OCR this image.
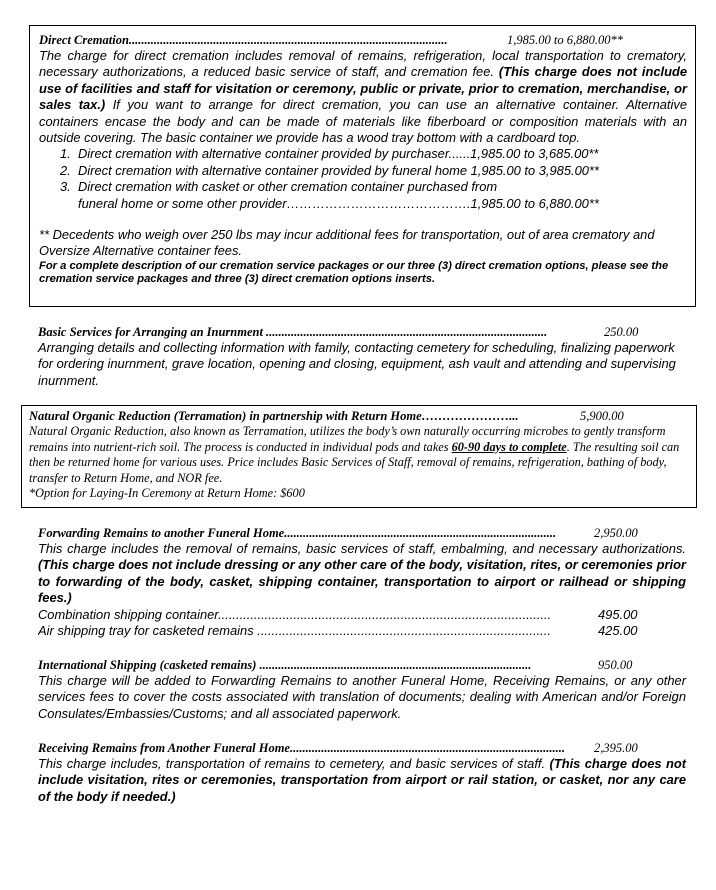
Direct Cremation......................................................................................................	1,985.00 to 6,880.00**
The charge for direct cremation includes removal of remains, refrigeration, local transportation to crematory, necessary authorizations, a reduced basic service of staff, and cremation fee. (This charge does not include use of facilities and staff for visitation or ceremony, public or private, prior to cremation, merchandise, or sales tax.) If you want to arrange for direct cremation, you can use an alternative container. Alternative containers encase the body and can be made of materials like fiberboard or composition materials with an outside covering. The basic container we provide has a wood tray bottom with a cardboard top.
1. Direct cremation with alternative container provided by purchaser......1,985.00 to 3,685.00**
2. Direct cremation with alternative container provided by funeral home 1,985.00 to 3,985.00**
3. Direct cremation with casket or other cremation container purchased from
funeral home or some other provider…………………………………….1,985.00 to 6,880.00**
** Decedents who weigh over 250 lbs may incur additional fees for transportation, out of area crematory and Oversize Alternative container fees.
For a complete description of our cremation service packages or our three (3) direct cremation options, please see the cremation service packages and three (3) direct cremation options inserts.
Basic Services for Arranging an Inurnment ..........................................................................................	250.00
Arranging details and collecting information with family, contacting cemetery for scheduling, finalizing paperwork for ordering inurnment, grave location, opening and closing, equipment, ash vault and attending and supervising inurnment.
Natural Organic Reduction (Terramation) in partnership with Return Home…………………...	5,900.00
Natural Organic Reduction, also known as Terramation, utilizes the body’s own naturally occurring microbes to gently transform remains into nutrient-rich soil. The process is conducted in individual pods and takes 60-90 days to complete. The resulting soil can then be returned home for various uses. Price includes Basic Services of Staff, removal of remains, refrigeration, bathing of body, transfer to Return Home, and NOR fee.
*Option for Laying-In Ceremony at Return Home: $600
Forwarding Remains to another Funeral Home.......................................................................................	2,950.00
This charge includes the removal of remains, basic services of staff, embalming, and necessary authorizations. (This charge does not include dressing or any other care of the body, visitation, rites, or ceremonies prior to forwarding of the body, casket, shipping container, transportation to airport or railhead or shipping fees.)
Combination shipping container.............................................................................................	495.00
Air shipping tray for casketed remains ..................................................................................	425.00
International Shipping (casketed remains) .......................................................................................	950.00
This charge will be added to Forwarding Remains to another Funeral Home, Receiving Remains, or any other services fees to cover the costs associated with translation of documents; dealing with American and/or Foreign Consulates/Embassies/Customs; and all associated paperwork.
Receiving Remains from Another Funeral Home........................................................................................ 2,395.00
This charge includes, transportation of remains to cemetery, and basic services of staff. (This charge does not include visitation, rites or ceremonies, transportation from airport or rail station, or casket, nor any care of the body if needed.)
